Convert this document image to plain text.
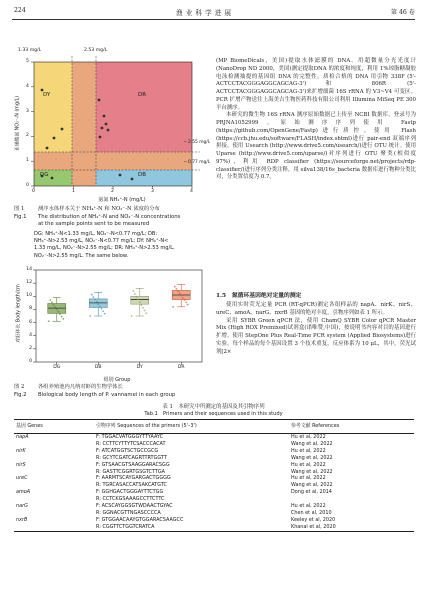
224	渔 业 科 学 进 展	第 46 卷
1.33 mg/L	2.53 mg/L
─ 2.55 mg/L
─ 0.77 mg/L
DY	DR
DG	DB
5
4
3
2
1
0
0	1	2	3	4
亚硝酸氮 NO₂⁻-N (mg/L)
氨氮 NH₄⁺-N (mg/L)
图 1	测序水体样本关于 NH₄⁺-N 和 NO₂⁻-N 浓度的分布
Fig.1 The distribution of NH₄⁺-N and NO₂⁻-N concentrations
at the sample points sent to be measured
DG: NH₄⁺-N<1.33 mg/L, NO₂⁻-N<0.77 mg/L; DB:
NH₄⁺-N>2.53 mg/L, NO₂⁻-N<0.77 mg/L; DY: NH₄⁺-N<
1.33 mg/L, NO₂⁻-N>2.55 mg/L; DR: NH₄⁺-N>2.53 mg/L,
NO₂⁻-N>2.55 mg/L. The same below.
对虾体长 Body length/cm
0
2
4
6
8
10
12
14
DG	DB	DY	DR
组别 Group
图 2	各组养殖池内凡纳对虾的生物学体长
Fig.2 Biological body length of P. vannamei in each group

(MP BiomeDicals，美国)提取水体滤膜的 DNA。用超微量分光光度计(NanoDrop ND 2000，美国)测定提取DNA 的浓度和纯度，利用 1%琼脂糖凝胶电泳检测抽提的基因组 DNA 的完整性。质检合格的 DNA 用引物 338F (5'-ACTCCTACGGGAGGCAGCAG-3')和 806R (5'-ACTCCTACGGGAGGCAGCAG-3')来扩增细菌 16S rRNA 的 V3~V4 可变区。PCR 扩增产物送往上海美吉生物医药科技有限公司利用 Illumina MiSeq PE 300 平台测序。

本研究的微生物 16S rRNA 测序原始数据已上传至 NCBI 数据库，登录号为 PRJNA1052999。原始测序序列使用 Fastp (https://github.com/OpenGene/Fastp)进行质控。使用 Flash (https://ccb.jhu.edu/software/FLASH/index.shtml)进行 pair-end 双端序列拼接。使用 Usearch (http://www.drive5.com/usearch/)进行 OTU 统计。使用 Uparse (http://www.drive5.com/uparse/)对序列进行 OTU 聚类(相似度 97%)，利用 RDP classifier (https://sourceforge.net/projects/rdp-classifier/)进行序列分类注释，用 silva138/16s_bacteria 数据库进行物种分类比对，分类置信度为 0.7。

1.5　氮循环基因绝对定量的测定

使用实时荧光定量 PCR (RT-qPCR)测定各组样品的 napA、nirK、nirS、ureC、amoA、narG、nxrB 基因的绝对丰度，引物序列如表 1 所示。

采用 SYBR Green qPCR 法，使用 ChamQ SYBR Color qPCR Master Mix (High ROX Premixed)试剂盒(诺唯赞,中国)，按说明书内容对目的基因进行扩增。使用 StepOne Plus Real-Time PCR system (Applied Biosystems)进行实验。每个样品的每个基因设置 3 个技术重复，反应体系为 10 μL，其中，荧光试剂[2×

表 1　本研究中所测定的基因及其引物序列
Tab.1　Primers and their sequences used in this study
基因 Genes	引物序列 Sequences of the primers (5'–3')	参考文献 References
napA	F: TGGACVATGGGYTTYAAYC	Hu et al, 2022
	R: CCTTCYTTYTCSACCCACAT	Wang et al, 2022
nirK	F: ATCATGGTSCTGCCGCG	Hu et al, 2022
	R: GCYTCGATCAGRTTRTGGTT	Wang et al, 2022
nirS	F: GTSAACGTSAAGGARACSGG	Hu et al, 2022
	R: GASTTCGGRTGSGTCTTGA	Wang et al, 2022
ureC	F: AARMTSCAYGARGACTGGGG	Hu et al, 2022
	R: TGRCASACCATSAKCATGTC	Wang et al, 2022
amoA	F: GGHGACTGGGAYTTCTGG	Dong et al, 2014
	R: CCTCKGSAAAGCCTTCTTC	
narG	F: ACSCAYGGSGTWDAACTGYAC	Hu et al, 2022
	R: GGNACGTTNGASCCCCA	Chen et al, 2010
nxrB	F: GTGGAACAAYGTGGARACSAAGCC	Keeley et al, 2020
	R: CGGTTCTGGTCRATCA	Khanal et al, 2020
